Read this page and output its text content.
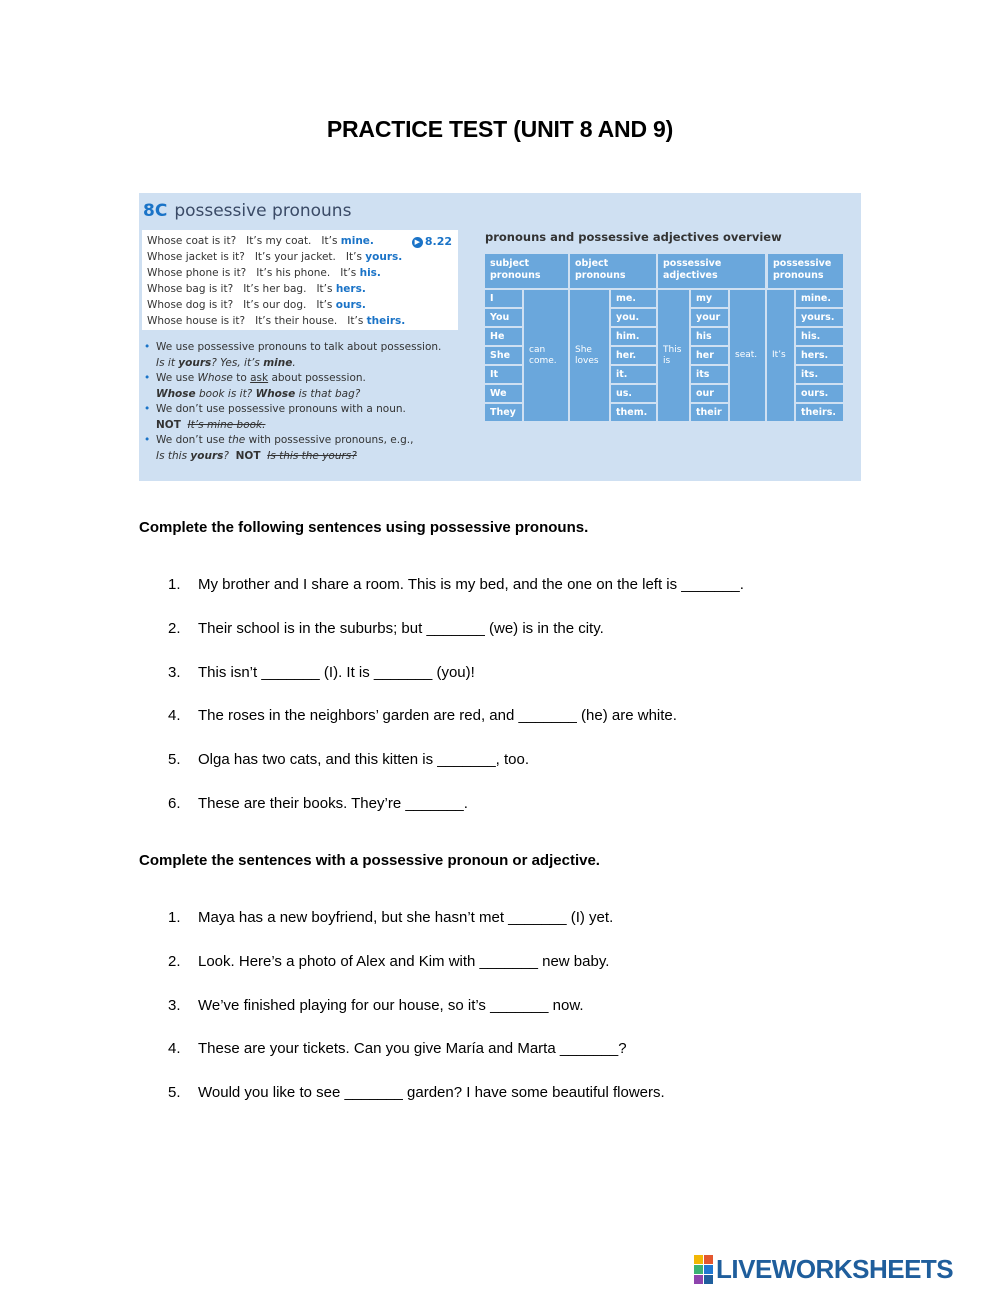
PRACTICE TEST (UNIT 8 AND 9)
8C possessive pronouns
▶ 8.22
Whose coat is it? It’s my coat. It’s mine.
Whose jacket is it? It’s your jacket. It’s yours.
Whose phone is it? It’s his phone. It’s his.
Whose bag is it? It’s her bag. It’s hers.
Whose dog is it? It’s our dog. It’s ours.
Whose house is it? It’s their house. It’s theirs.
• We use possessive pronouns to talk about possession.
Is it yours? Yes, it’s mine.
• We use Whose to ask about possession.
Whose book is it? Whose is that bag?
• We don’t use possessive pronouns with a noun.
NOT It’s mine book.
• We don’t use the with possessive pronouns, e.g.,
Is this yours? NOT Is this the yours?
pronouns and possessive adjectives overview
subject pronouns
object pronouns
possessive adjectives
possessive pronouns
I
You
He
She
It
We
They
can come.
She loves
me.
you.
him.
her.
it.
us.
them.
This is
my
your
his
her
its
our
their
seat.	It’s
mine.
yours.
his.
hers.
its.
ours.
theirs.
Complete the following sentences using possessive pronouns.
1. My brother and I share a room. This is my bed, and the one on the left is _______.
2. Their school is in the suburbs; but _______ (we) is in the city.
3. This isn’t _______ (I). It is _______ (you)!
4. The roses in the neighbors’ garden are red, and _______ (he) are white.
5. Olga has two cats, and this kitten is _______, too.
6. These are their books. They’re _______.
Complete the sentences with a possessive pronoun or adjective.
1. Maya has a new boyfriend, but she hasn’t met _______ (I) yet.
2. Look. Here’s a photo of Alex and Kim with _______ new baby.
3. We’ve finished playing for our house, so it’s _______ now.
4. These are your tickets. Can you give María and Marta _______?
5. Would you like to see _______ garden? I have some beautiful flowers.
LIVEWORKSHEETS
